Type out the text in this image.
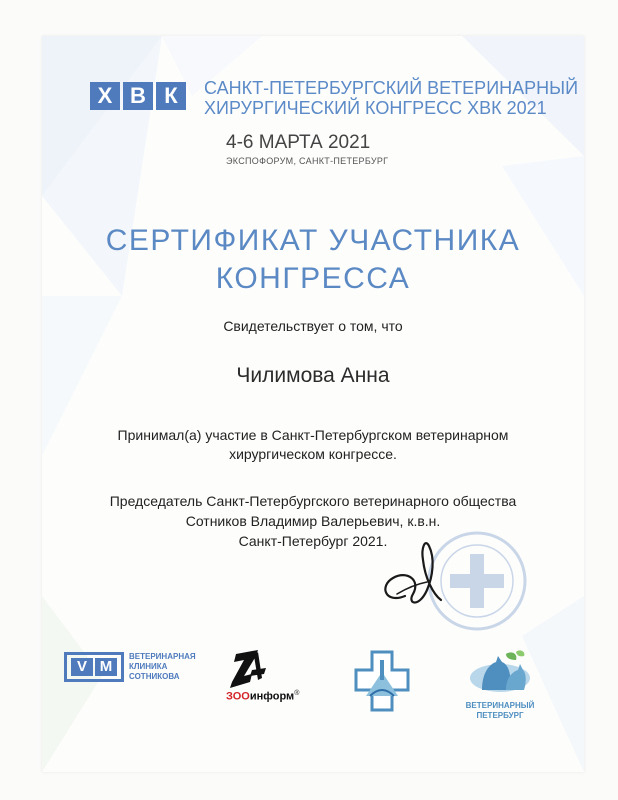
Х В К	САНКТ-ПЕТЕРБУРГСКИЙ ВЕТЕРИНАРНЫЙ
ХИРУРГИЧЕСКИЙ КОНГРЕСС ХВК 2021
4-6 МАРТА 2021
ЭКСПОФОРУМ, САНКТ-ПЕТЕРБУРГ
СЕРТИФИКАТ УЧАСТНИКА
КОНГРЕССА
Свидетельствует о том, что
Чилимова Анна
Принимал(а) участие в Санкт-Петербургском ветеринарном
хирургическом конгрессе.
Председатель Санкт-Петербургского ветеринарного общества
Сотников Владимир Валерьевич, к.в.н.
Санкт-Петербург 2021.
V M
ВЕТЕРИНАРНАЯ
КЛИНИКА
СОТНИКОВА
ЗООинформ®
ВЕТЕРИНАРНЫЙ
ПЕТЕРБУРГ
